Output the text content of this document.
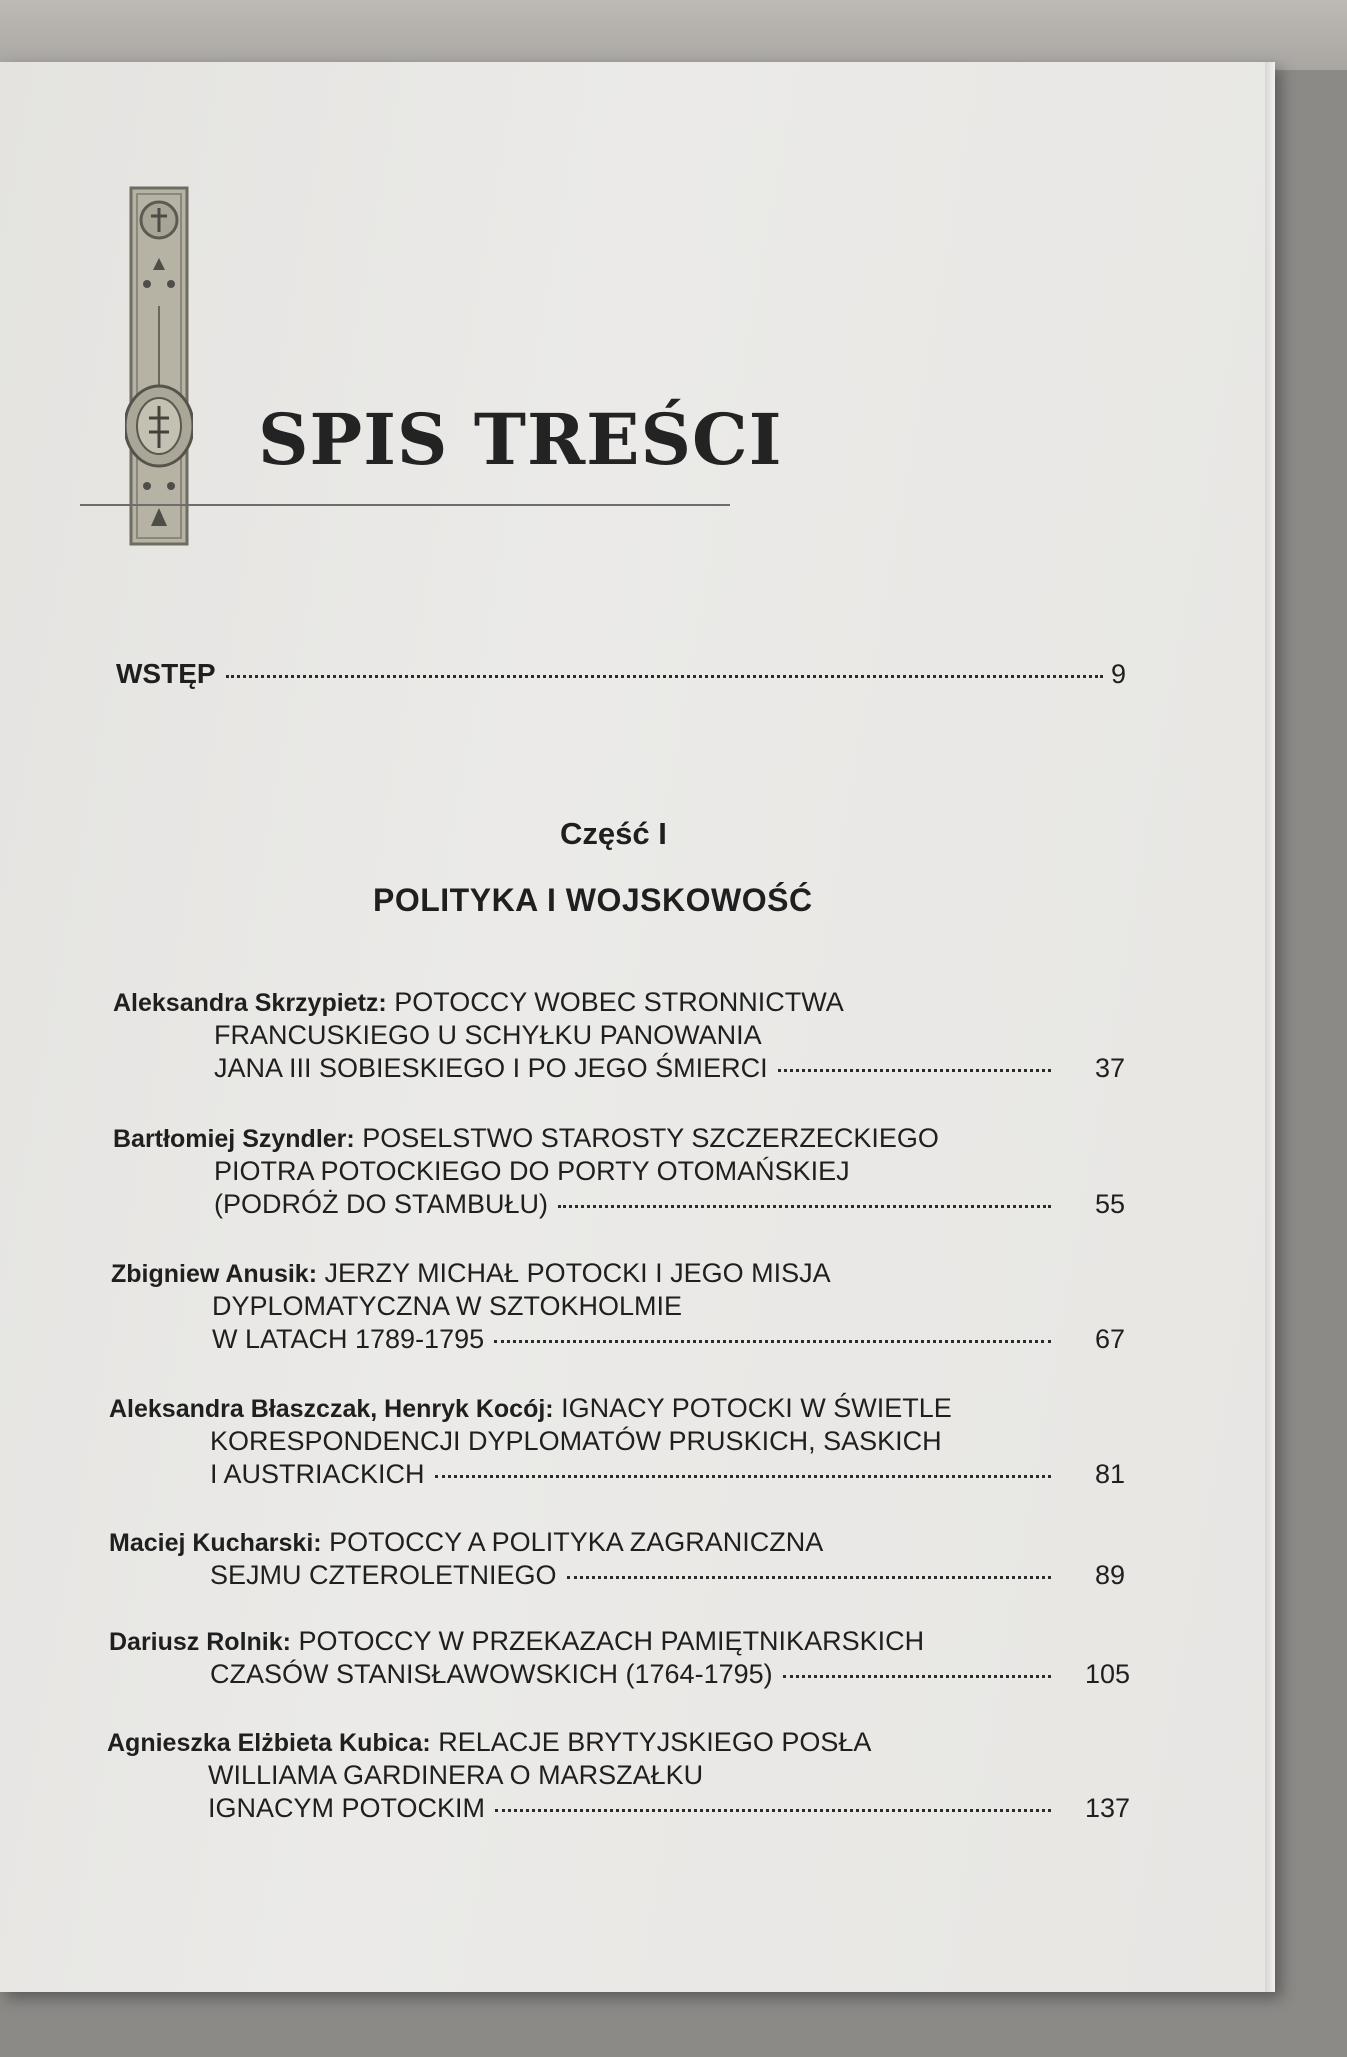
SPIS TREŚCI
WSTĘP	9
Część I
POLITYKA I WOJSKOWOŚĆ
Aleksandra Skrzypietz: POTOCCY WOBEC STRONNICTWA
FRANCUSKIEGO U SCHYŁKU PANOWANIA
JANA III SOBIESKIEGO I PO JEGO ŚMIERCI	37
Bartłomiej Szyndler: POSELSTWO STAROSTY SZCZERZECKIEGO
PIOTRA POTOCKIEGO DO PORTY OTOMAŃSKIEJ
(PODRÓŻ DO STAMBUŁU)	55
Zbigniew Anusik: JERZY MICHAŁ POTOCKI I JEGO MISJA
DYPLOMATYCZNA W SZTOKHOLMIE
W LATACH 1789-1795	67
Aleksandra Błaszczak, Henryk Kocój: IGNACY POTOCKI W ŚWIETLE
KORESPONDENCJI DYPLOMATÓW PRUSKICH, SASKICH
I AUSTRIACKICH	81
Maciej Kucharski: POTOCCY A POLITYKA ZAGRANICZNA
SEJMU CZTEROLETNIEGO	89
Dariusz Rolnik: POTOCCY W PRZEKAZACH PAMIĘTNIKARSKICH
CZASÓW STANISŁAWOWSKICH (1764-1795)	105
Agnieszka Elżbieta Kubica: RELACJE BRYTYJSKIEGO POSŁA
WILLIAMA GARDINERA O MARSZAŁKU
IGNACYM POTOCKIM	137
